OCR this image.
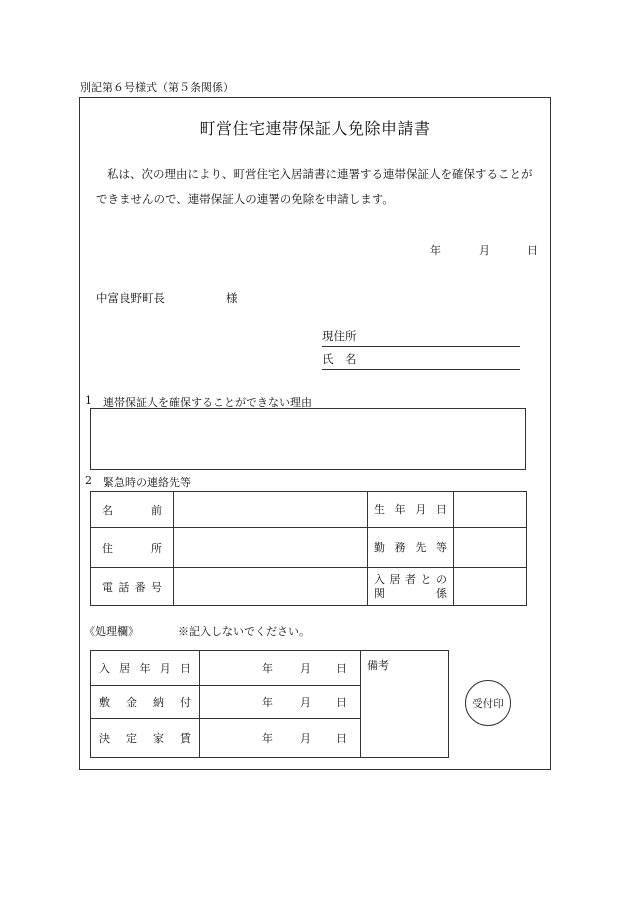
別記第６号様式（第５条関係）
町営住宅連帯保証人免除申請書
私は、次の理由により、町営住宅入居請書に連署する連帯保証人を確保することができませんので、連帯保証人の連署の免除を申請します。
年	月	日
中富良野町長	様
現住所
氏　名
1 連帯保証人を確保することができない理由
2 緊急時の連絡先等
名　前		生 年 月 日	
住　所		勤 務 先 等	
電話番号		入居者との
関　　係	

《処理欄》	※記入しないでください。
入居年月日	年 月 日	備考
敷金納付	年 月 日	

決定家賃	年 月 日	
受付印
